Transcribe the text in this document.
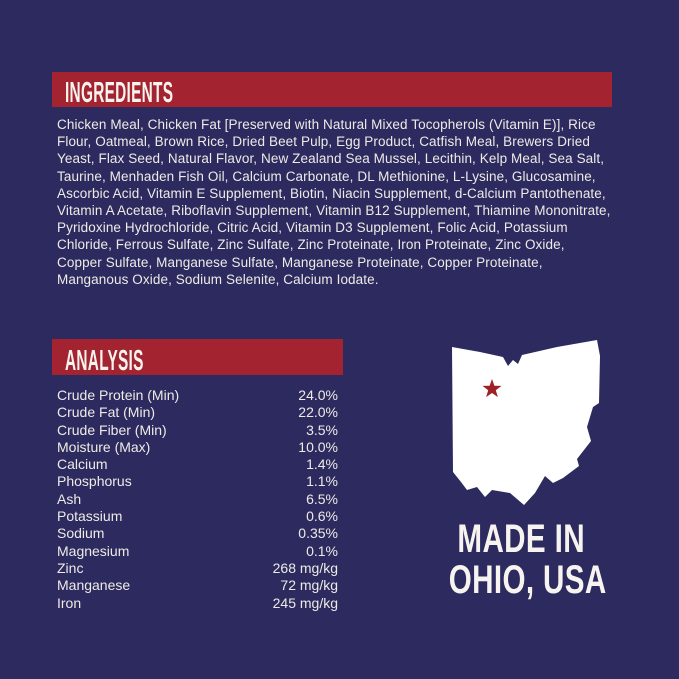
INGREDIENTS
Chicken Meal, Chicken Fat [Preserved with Natural Mixed Tocopherols (Vitamin E)], Rice Flour, Oatmeal, Brown Rice, Dried Beet Pulp, Egg Product, Catfish Meal, Brewers Dried Yeast, Flax Seed, Natural Flavor, New Zealand Sea Mussel, Lecithin, Kelp Meal, Sea Salt, Taurine, Menhaden Fish Oil, Calcium Carbonate, DL Methionine, L-Lysine, Glucosamine, Ascorbic Acid, Vitamin E Supplement, Biotin, Niacin Supplement, d-Calcium Pantothenate, Vitamin A Acetate, Riboflavin Supplement, Vitamin B12 Supplement, Thiamine Mononitrate, Pyridoxine Hydrochloride, Citric Acid, Vitamin D3 Supplement, Folic Acid, Potassium Chloride, Ferrous Sulfate, Zinc Sulfate, Zinc Proteinate, Iron Proteinate, Zinc Oxide, Copper Sulfate, Manganese Sulfate, Manganese Proteinate, Copper Proteinate, Manganous Oxide, Sodium Selenite, Calcium Iodate.
ANALYSIS
Crude Protein (Min)	24.0%
Crude Fat (Min)	22.0%
Crude Fiber (Min)	3.5%
Moisture (Max)	10.0%
Calcium	1.4%
Phosphorus	1.1%
Ash	6.5%
Potassium	0.6%
Sodium	0.35%
Magnesium	0.1%
Zinc	268 mg/kg
Manganese	72 mg/kg
Iron	245 mg/kg
MADE IN
OHIO, USA
